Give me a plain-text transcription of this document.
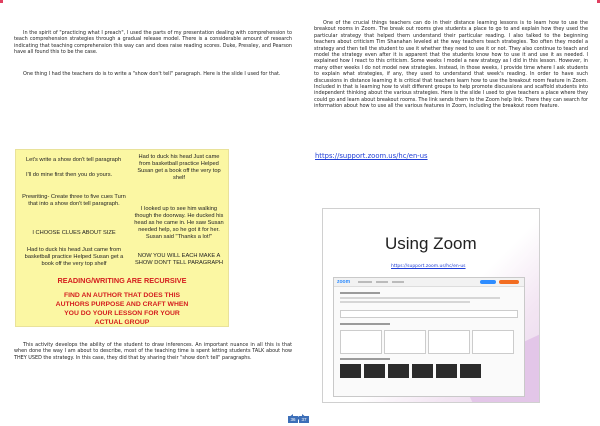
In the spirit of "practicing what I preach", I used the parts of my presentation dealing with comprehension to teach comprehension strategies through a gradual release model. There is a considerable amount of research indicating that teaching comprehension this way can and does raise reading scores. Duke, Pressley, and Pearson have all found this to be the case.

One thing I had the teachers do is to write a "show don't tell" paragraph. Here is the slide I used for that.

Let's write a show don't tell paragraph
I'll do mine first then you do yours.
Prewriting- Create three to five cues Turn that into a show don't tell paragraph.
I CHOOSE CLUES ABOUT SIZE
Had to duck his head Just came from basketball practice Helped Susan get a book off the very top shelf
Had to duck his head Just came from basketball practice Helped Susan get a book off the very top shelf
I looked up to see him walking though the doorway. He ducked his head as he came in. He saw Susan needed help, so he got it for her. Susan said "Thanks a lot!"
NOW YOU WILL EACH MAKE A SHOW DON'T TELL PARAGRAPH
READING/WRITING ARE RECURSIVE
FIND AN AUTHOR THAT DOES THIS AUTHORS PURPOSE AND CRAFT WHEN YOU DO YOUR LESSON FOR YOUR ACTUAL GROUP

This activity develops the ability of the student to draw inferences. An important nuance in all this is that when done the way I am about to describe, most of the teaching time is spent letting students TALK about how THEY USED the strategy. In this case, they did that by sharing their "show don't tell" paragraphs.

One of the crucial things teachers can do in their distance learning lessons is to learn how to use the breakout rooms in Zoom. The break out rooms give students a place to go to and explain how they used the particular strategy that helped them understand their particular reading. I also talked to the beginning teachers about criticism Tim Shanahan leveled at the way teachers teach strategies. Too often they model a strategy and then tell the student to use it whether they need to use it or not. They also continue to teach and model the strategy even after it is apparent that the students know how to use it and use it as needed. I explained how I react to this criticism. Some weeks I model a new strategy as I did in this lesson. However, in many other weeks I do not model new strategies. Instead, in those weeks, I provide time where I ask students to explain what strategies, if any, they used to understand that week's reading. In order to have such discussions in distance learning it is critical that teachers learn how to use the breakout room feature in Zoom. Included in that is learning how to visit different groups to help promote discussions and scaffold students into independent thinking about the various strategies. Here is the slide I used to give teachers a place where they could go and learn about breakout rooms. The link sends them to the Zoom help link. There they can search for information about how to use all the various features in Zoom, including the breakout room feature.

https://support.zoom.us/hc/en-us
Using Zoom
https://support.zoom.us/hc/en-us
zoom
36	37
